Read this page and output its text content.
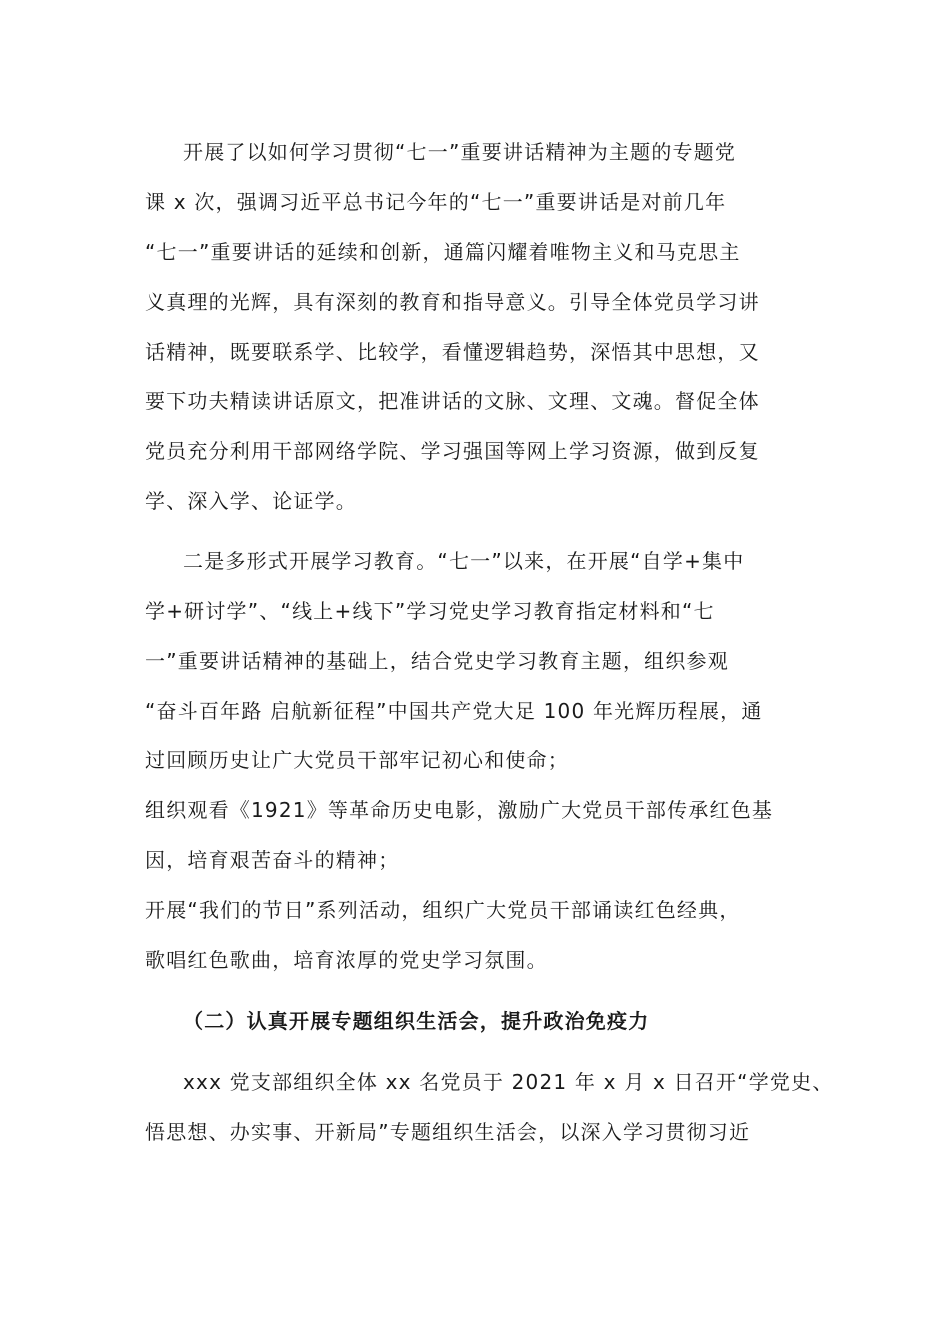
开展了以如何学习贯彻“七一”重要讲话精神为主题的专题党
课 x 次，强调习近平总书记今年的“七一”重要讲话是对前几年
“七一”重要讲话的延续和创新，通篇闪耀着唯物主义和马克思主
义真理的光辉，具有深刻的教育和指导意义。引导全体党员学习讲
话精神，既要联系学、比较学，看懂逻辑趋势，深悟其中思想，又
要下功夫精读讲话原文，把准讲话的文脉、文理、文魂。督促全体
党员充分利用干部网络学院、学习强国等网上学习资源，做到反复
学、深入学、论证学。
二是多形式开展学习教育。“七一”以来，在开展“自学+集中
学+研讨学”、“线上+线下”学习党史学习教育指定材料和“七
一”重要讲话精神的基础上，结合党史学习教育主题，组织参观
“奋斗百年路 启航新征程”中国共产党大足 100 年光辉历程展，通
过回顾历史让广大党员干部牢记初心和使命；
组织观看《1921》等革命历史电影，激励广大党员干部传承红色基
因，培育艰苦奋斗的精神；
开展“我们的节日”系列活动，组织广大党员干部诵读红色经典，
歌唱红色歌曲，培育浓厚的党史学习氛围。
（二）认真开展专题组织生活会，提升政治免疫力
xxx 党支部组织全体 xx 名党员于 2021 年 x 月 x 日召开“学党史、
悟思想、办实事、开新局”专题组织生活会，以深入学习贯彻习近
